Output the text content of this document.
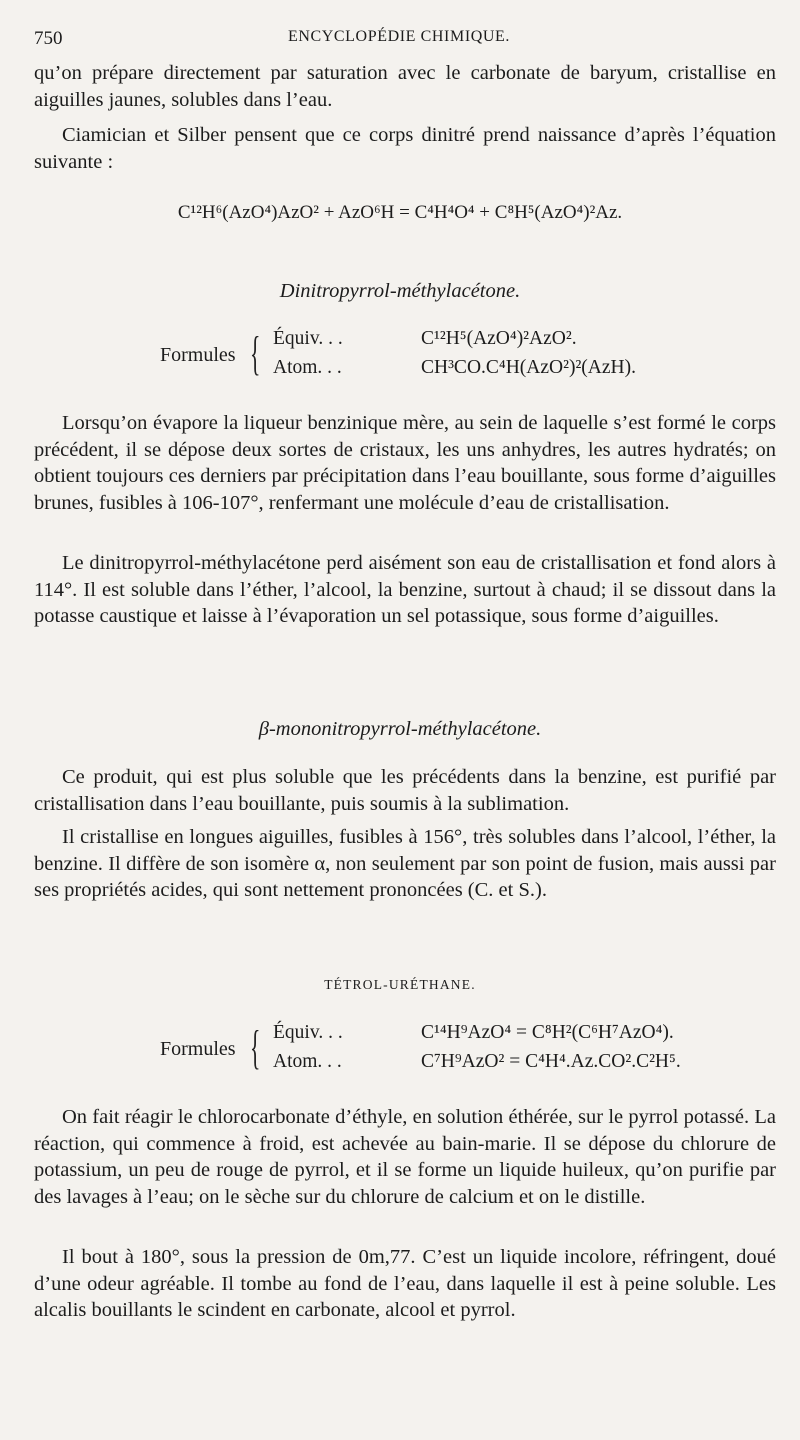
750	ENCYCLOPÉDIE CHIMIQUE.

qu’on prépare directement par saturation avec le carbonate de baryum, cristallise en aiguilles jaunes, solubles dans l’eau.

Ciamician et Silber pensent que ce corps dinitré prend naissance d’après l’équation suivante :

C¹²H⁶(AzO⁴)AzO² + AzO⁶H = C⁴H⁴O⁴ + C⁸H⁵(AzO⁴)²Az.
Dinitropyrrol-méthylacétone.
Formules { Équiv. . .	C¹²H⁵(AzO⁴)²AzO².
Atom. . .	CH³CO.C⁴H(AzO²)²(AzH).

Lorsqu’on évapore la liqueur benzinique mère, au sein de laquelle s’est formé le corps précédent, il se dépose deux sortes de cristaux, les uns anhydres, les autres hydratés; on obtient toujours ces derniers par précipitation dans l’eau bouillante, sous forme d’aiguilles brunes, fusibles à 106-107°, renfermant une molécule d’eau de cristallisation.

Le dinitropyrrol-méthylacétone perd aisément son eau de cristallisation et fond alors à 114°. Il est soluble dans l’éther, l’alcool, la benzine, surtout à chaud; il se dissout dans la potasse caustique et laisse à l’évaporation un sel potassique, sous forme d’aiguilles.

β-mononitropyrrol-méthylacétone.

Ce produit, qui est plus soluble que les précédents dans la benzine, est purifié par cristallisation dans l’eau bouillante, puis soumis à la sublimation.

Il cristallise en longues aiguilles, fusibles à 156°, très solubles dans l’alcool, l’éther, la benzine. Il diffère de son isomère α, non seulement par son point de fusion, mais aussi par ses propriétés acides, qui sont nettement prononcées (C. et S.).

TÉTROL-URÉTHANE.
Formules { Équiv. . .	C¹⁴H⁹AzO⁴ = C⁸H²(C⁶H⁷AzO⁴).
Atom. . .	C⁷H⁹AzO² = C⁴H⁴.Az.CO².C²H⁵.

On fait réagir le chlorocarbonate d’éthyle, en solution éthérée, sur le pyrrol potassé. La réaction, qui commence à froid, est achevée au bain-marie. Il se dépose du chlorure de potassium, un peu de rouge de pyrrol, et il se forme un liquide huileux, qu’on purifie par des lavages à l’eau; on le sèche sur du chlorure de calcium et on le distille.

Il bout à 180°, sous la pression de 0m,77. C’est un liquide incolore, réfringent, doué d’une odeur agréable. Il tombe au fond de l’eau, dans laquelle il est à peine soluble. Les alcalis bouillants le scindent en carbonate, alcool et pyrrol.
